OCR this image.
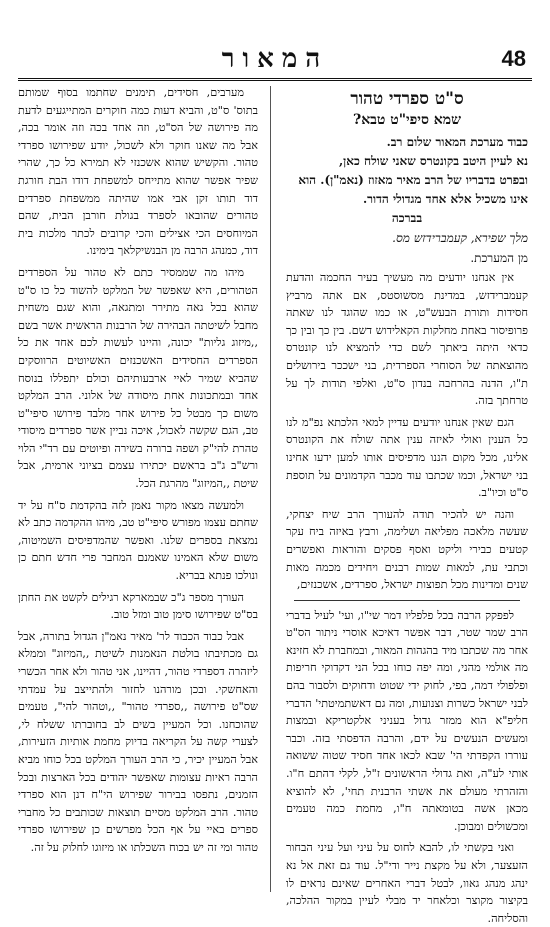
המאור	48
ס"ט ספרדי טהור
שמא סיפי"ט טבא?

כבוד מערכת המאור שלום רב.

נא לעיין היטב בקונטרס שאני שולח כאן,

ובפרט בדבריו של הרב מאיר מאזוז (נאמ"ן). הוא

אינו משכיל אלא אחד מגדולי הדור.

בברכה
מלך שפירא, קעמברידזש מס.
מן המערכת.

אין אנחנו יודעים מה מעשיך בעיר החכמה והדעת קעמברידזש, במדינת מסשוסטס, אם אתה מרביץ חסידות ותורת הבעש"ט, או כמו שהוגד לנו שאתה פרופיסור באחת מחלקות הקאלידוש דשם. בין כך ובין כך כדאי היתה ביאתך לשם כדי להמציא לנו קונטרס מהוצאתה של הסוחרי הספרדית, בני ישככר בירושלים ת"ו, הדנה בהרחבה בנדון ס"ט, ואלפי תודות לך על טרחתך בזה.

הגם שאין אנחנו יודעים עדיין למאי הלכתא נפ"מ לנו כל הענין ואולי לאיזה ענין אתה שולח את הקונטרס אלינו, מכל מקום הננו מדפיסים אותו למען ידעו אחינו בני ישראל, וכמו שכתבו עוד מכבר הקדמונים על תוספת ס"ט וכיו"ב.

והנה יש להכיר תודה להעורך הרב שיח יצחקי, שעשה מלאכה מפליאה ושלימה, ורבץ באיזה ביח עקר קטעים כבירי וליקט ואסף פסקים והוראות ואפשרים וכתבי עת, למאות שמות רבנים ויחידים מכמה מאות שנים ומדינות מכל תפוצות ישראל, ספרדים, אשכנזים,

לפפקק הרבה בכל פלפליו דמר שי"ו, ועי' לעיל בדברי הרב שמר שטר, דבר אפשר דאיכא אוסרי ניתור הס"ט אחר מה שכתבו מיד בהגהות המאור, ובמחברת לא חזינא מה אולמי מהני, ומה יפה כוחו בכל הני דקדוקי חריפות ופלפולי דמה, בפי, לחוק ידי שטוט ודחוקים ולסבור בהם לבני ישראל כשרות וצנועות, ומה גם דאשתמיטתי' הדברי חליפ"א הוא ממזר גדול בעניני אלקטריקא ובמצות ומעשים הנעשים על ידם, והרבה הדפסתי בזה. וכבר עוררו הקפדתי הי' שבא לכאו אחד חסיד שטוה ששואה אותי לע"ה, ואת גדולי הראשונים ז"ל, לקלי דהתם ח"ו. והזהרתי מעולם את אשתי הרבנית תחי', לא להוציא מכאן אשה בטומאתה ח"ו, מחמת כמה טעמים ומכשולים ומבוכן.

ואני בקשתי לו, להבא לחוס על עיני ועל עיני הבחור הזעצער, ולא על מקצת נייר ודי"ל. עוד גם זאת אל נא ינהג מנהג גאוו, לבטל דברי האחרים שאינם נראים לו בקיצור מקוצר וכלאחר יד מבלי לעיין במקור ההלכה, והסליחה.

מערבים, חסידים, תימנים שחתמו בסוף שמותם בתוס' ס"ט, והביא דעות כמה חוקרים המתייגעים לדעת מה פירושה של הס"ט, וזה אחד בכה וזה אומר בכה, אבל מה שאנו חוקר ולא לשכול, יודע שפירושו ספרדי טהור. והקשיש שהוא אשכנזי לא תמירא כל כך, שהרי שפיר אפשר שהוא מתייחס למשפחת דודו הבת חורגת דוד תותו זקן אבי אמו שהיתה ממשפחת ספרדים טהורים שהובאו לספרד בגולת חורבן הבית, שהם המיוחסים הכי אצילים והכי קרובים לכתר מלכות בית דוד, כמנהג הרבה מן הבנשיקלאך בימינו.

מיהו מה שממסיר כתם לא טהור על הספרדים הטהורים, היא שאפשר של המלקט להשוד כל כו ס"ט שהוא בכל גאה מתירר ומתגאה, והוא שגם משחית מחבל לשיטתה הבהירה של הרבנות הראשית אשר בשם ,,מיזוג גליות" יכונה, והיינו לעשות לכם אחד את כל הספרדים החסידים האשכנזים האשיוטים הרווסקים שהביא שמיר לאיי ארבעותיהם וכולם יתפללו בנוסח אחד ובמתכונות אחת מיסודה של אלוני. הרב המלקט משום כך מבטל כל פירוש אחר מלבד פירושו סיפי"ט טב, הגם שקשה לאכול, איכה נביין אשר ספרדים מיסודי טהרת להי"ק ושפה ברורה בשירה ופיוטים עם רד"י הלוי ורש"ב ג"ב בראשם יכתירו עצמם בציוני ארמית, אבל שיטת ,,המיזוג" מהרגת הכל.

ולמעשה מצאו מקור נאמן לזה בהקדמת ס"ח על יד שחתם עצמו מפורש סיפי"ט טב, מיהו ההקדמה כתב לא נמצאת בספרים שלנו. ואפשר שהמדפיסים השמיטוה, משום שלא האמינו שאמנם המחבר פרי חדש חתם כן ונולכו פנתא בבריא.

העורך מספר ג"כ שבמארקא רגילים לקשט את החתן בס"ט שפירושו סימן טוב ומזל טוב.

אבל כבוד הכבוד לר' מאיר נאמ"ן הגדול בתורה, אבל גם מכתיבתו בולטת הנאמנות לשיטת ,,המיזוג" וממלא ליזהרה דספרדי טהור, דהיינו, אני טהור ולא אחר הכשרי והאחשקי. ובכן מורהנו לחזור ולהתייצב על עמדתי שס"ט פירושה ,,ספרדי טהור" ,,וטהור להי", טעמים שהוכחנו. וכל המעיין בשים לב בחוברתו ששלח לי, לצערי קשה על הקריאה בדיוק מחמת אותיות הזעירות, אבל המעיין יכיר, כי הרב העורך המלקט בכל כוחו מביא הרבה ראיות עצומות שאפשר יהודים בכל הארצות ובכל הזמנים, נתפסו בבירור שפירוש הי"ח דנן הוא ספרדי טהור. הרב המלקט מסיים תוצאות שכותבים כל מחברי ספרים באיי על אף הכל מפרשים כן שפירושו ספרדי טהור ומי זה יש בכוח השכלתו או מיזוגו לחלוק על זה.
